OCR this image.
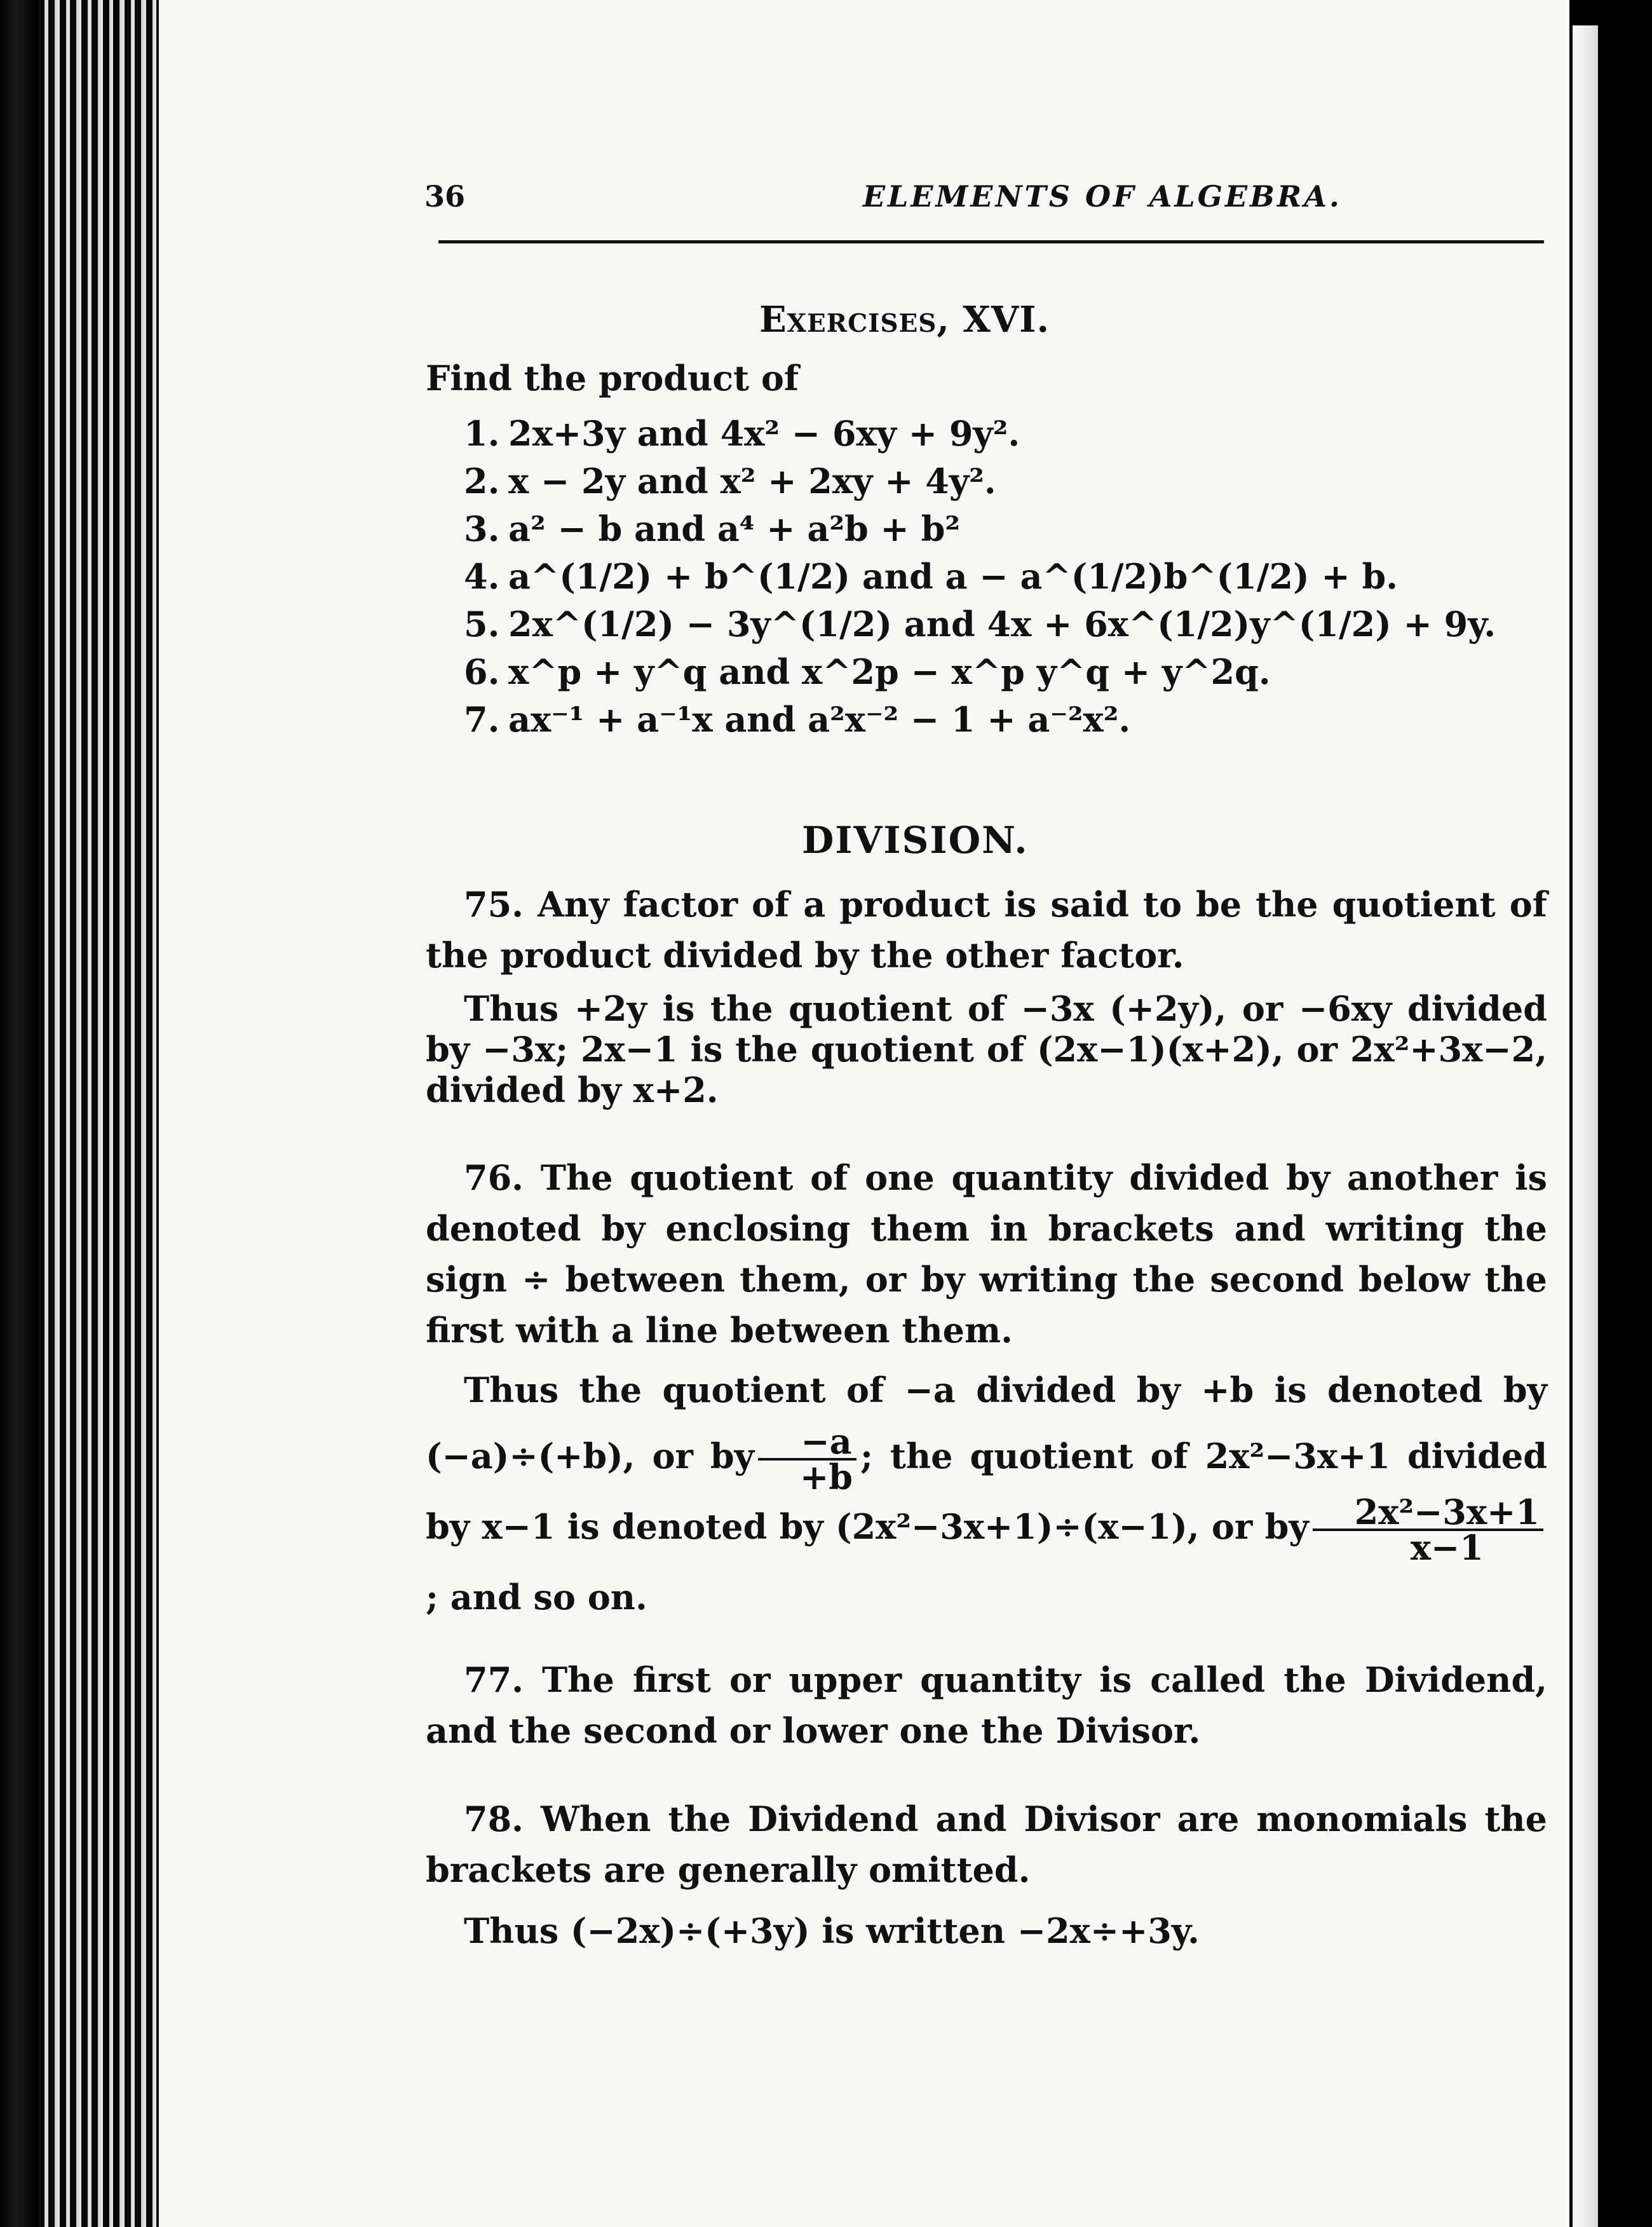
36	ELEMENTS OF ALGEBRA.
Exercises, XVI.
Find the product of
1. 2x+3y and 4x² − 6xy + 9y².
2. x − 2y and x² + 2xy + 4y².
3. a² − b and a⁴ + a²b + b²
4. a^(1/2) + b^(1/2) and a − a^(1/2)b^(1/2) + b.
5. 2x^(1/2) − 3y^(1/2) and 4x + 6x^(1/2)y^(1/2) + 9y.
6. x^p + y^q and x^2p − x^p y^q + y^2q.
7. ax⁻¹ + a⁻¹x and a²x⁻² − 1 + a⁻²x².
DIVISION.
75. Any factor of a product is said to be the quotient of the product divided by the other factor.
Thus +2y is the quotient of −3x (+2y), or −6xy divided by −3x; 2x−1 is the quotient of (2x−1)(x+2), or 2x²+3x−2, divided by x+2.
76. The quotient of one quantity divided by another is denoted by enclosing them in brackets and writing the sign ÷ between them, or by writing the second below the first with a line between them.
Thus the quotient of −a divided by +b is denoted by (−a)÷(+b), or by $\frac{-a}{+b}$ ; the quotient of 2x²−3x+1 divided by x−1 is denoted by (2x²−3x+1)÷(x−1), or by $\frac{\text{2x²−3x+1}}{x-1}$
; and so on.
77. The first or upper quantity is called the Dividend, and the second or lower one the Divisor.
78. When the Dividend and Divisor are monomials the brackets are generally omitted.
Thus (−2x)÷(+3y) is written −2x÷+3y.
